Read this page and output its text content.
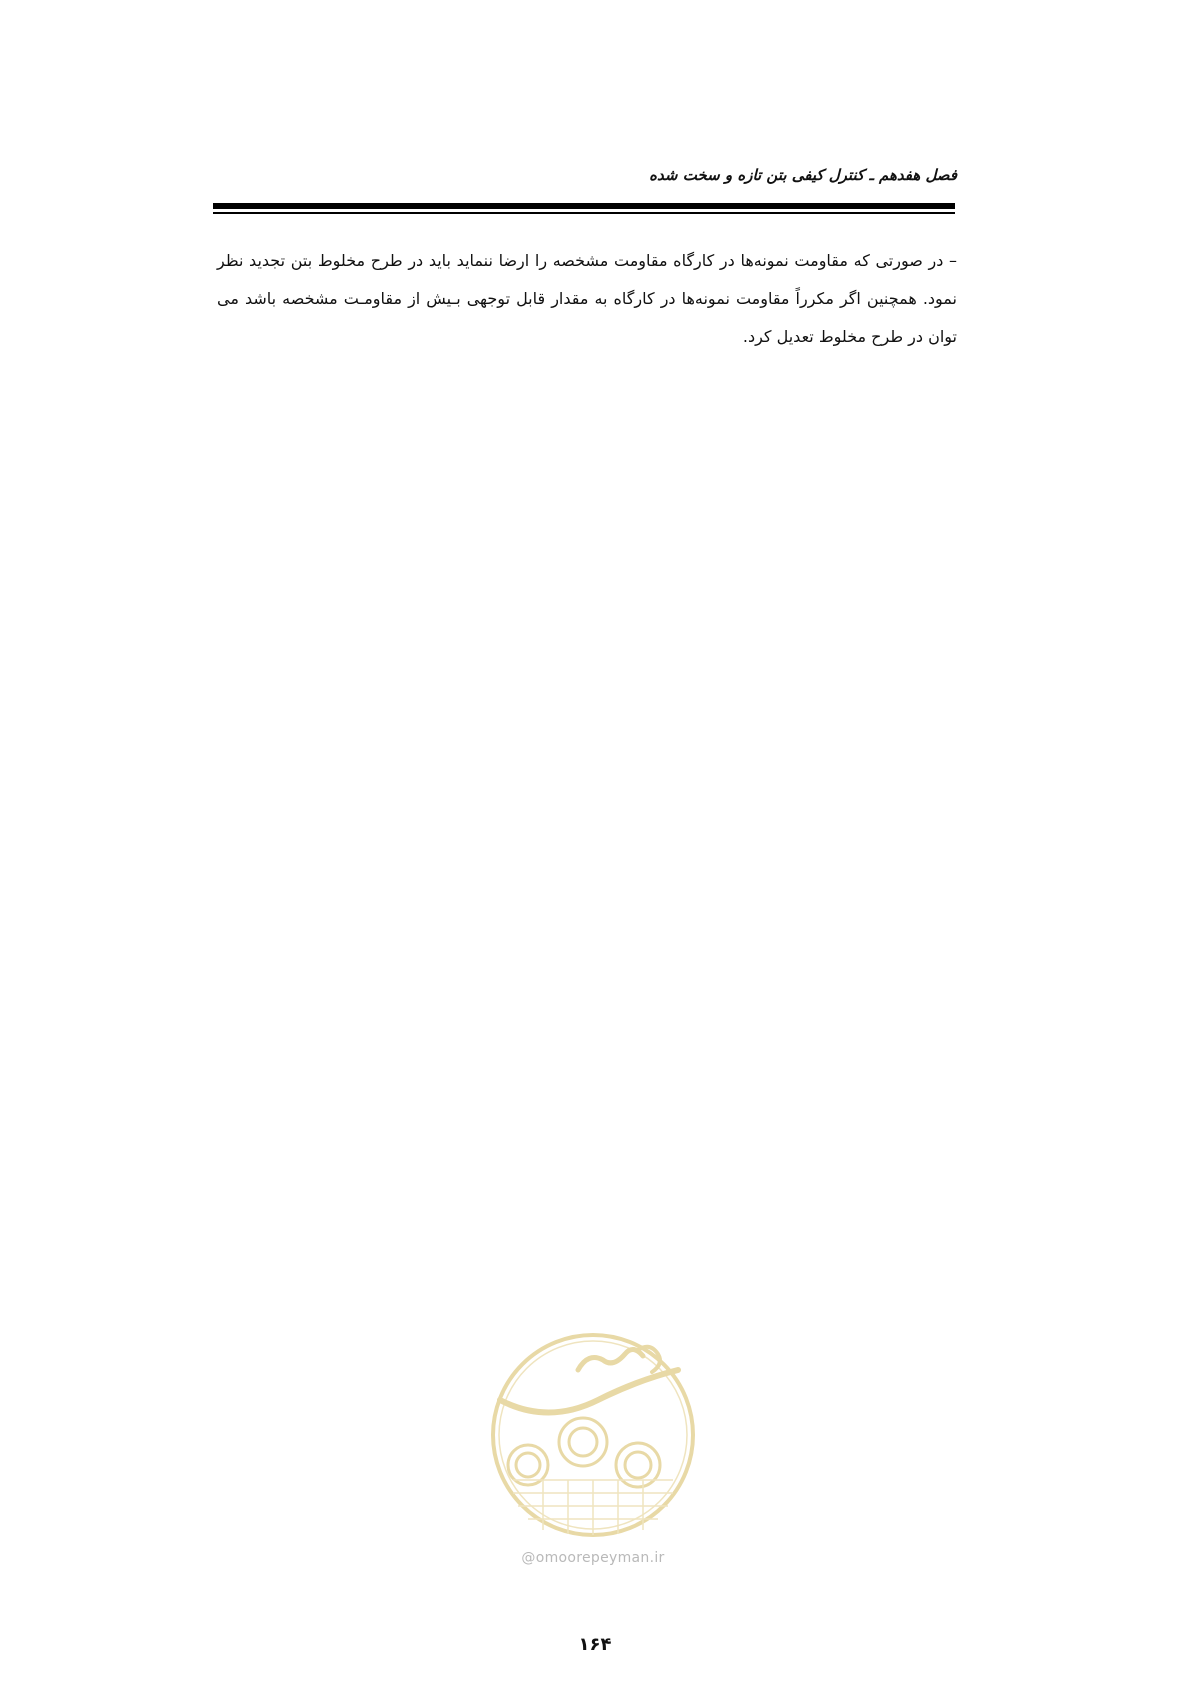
فصل هفدهم ـ کنترل کیفی بتن تازه و سخت شده

– در صورتی که مقاومت نمونه‌ها در کارگاه مقاومت مشخصه را ارضا ننماید باید در طرح مخلوط بتن تجدید نظر نمود. همچنین اگر مکرراً مقاومت نمونه‌ها در کارگاه به مقدار قابل توجهی بـیش از مقاومـت مشخصه باشد می توان در طرح مخلوط تعدیل کرد.

@omoorepeyman.ir
۱۶۴
